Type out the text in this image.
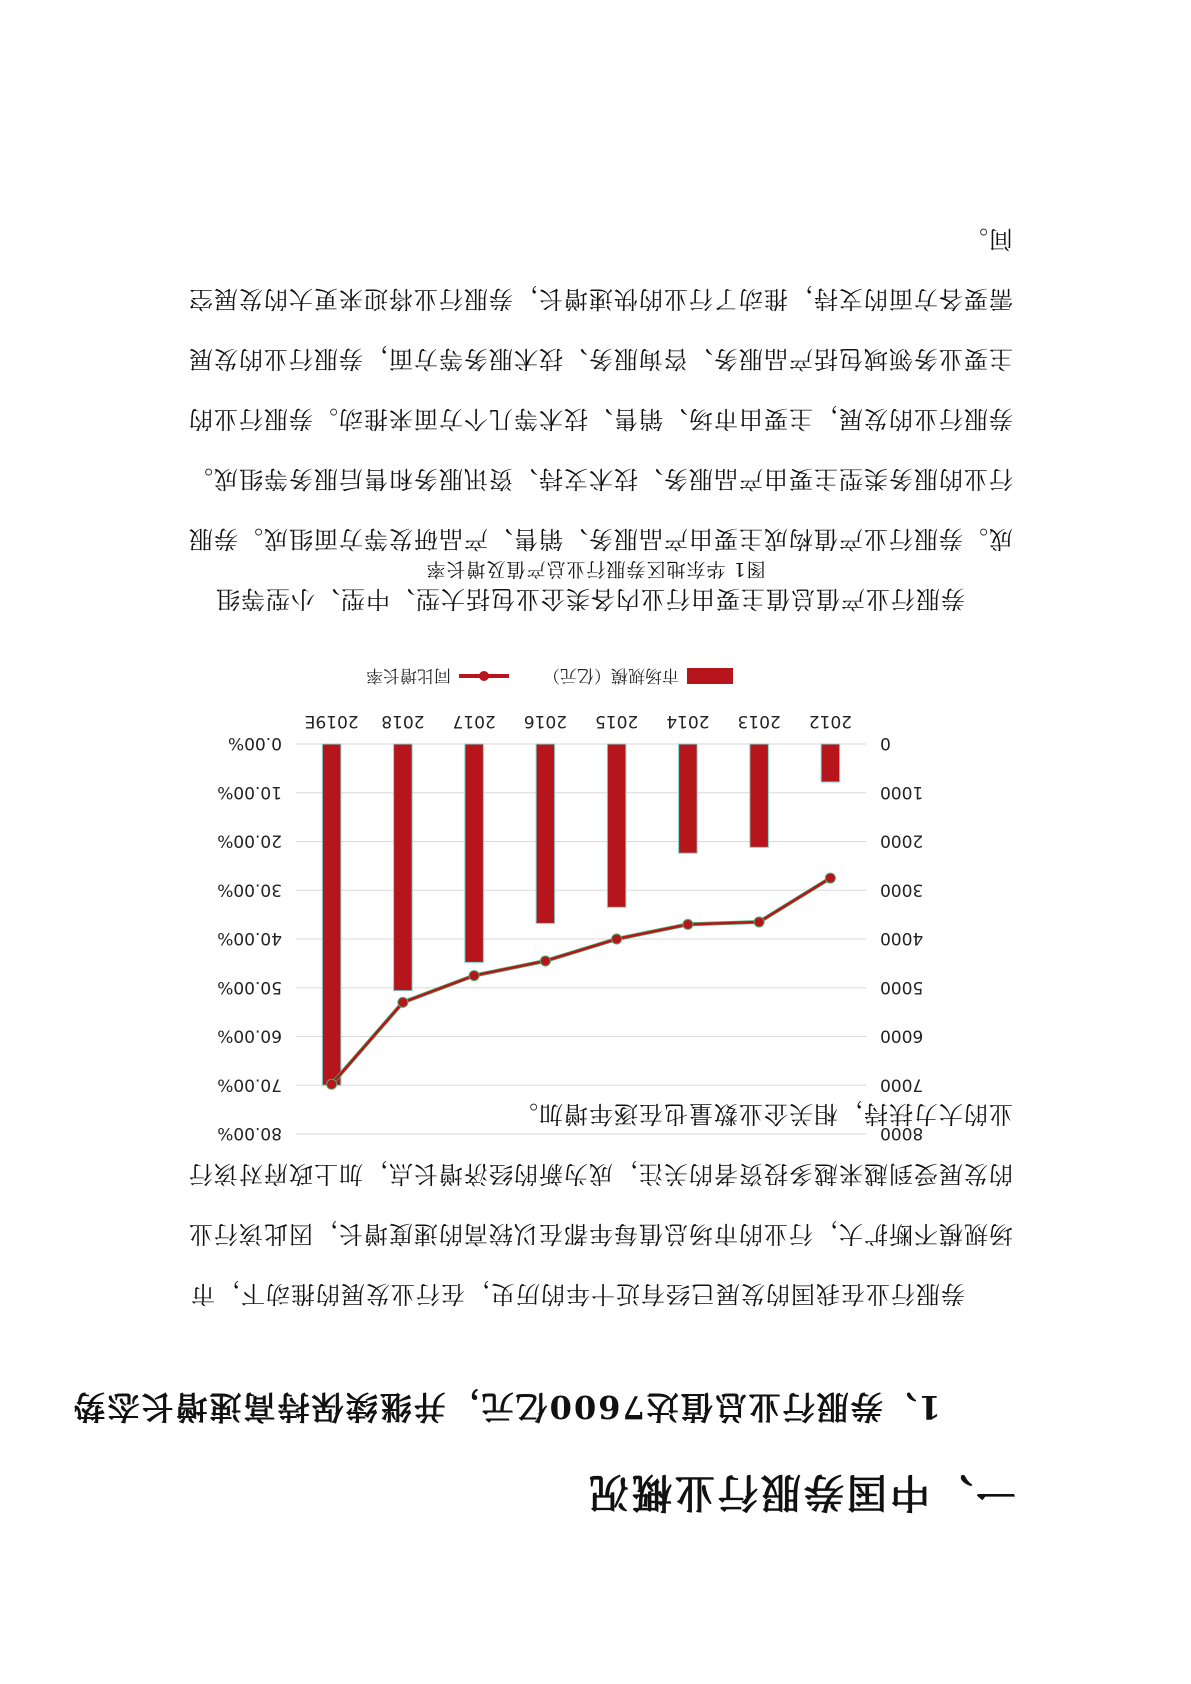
一、中国券服行业概况
1、券服行业总值达7600亿元，并继续保持高速增长态势
券服行业在我国的发展已经有近十年的历史，在行业发展的推动下，市场规模不断扩大，行业的市场总值每年都在以较高的速度增长，因此该行业的发展受到越来越多投资者的关注，成为新的经济增长点，加上政府对该行业的大力扶持，相关企业数量也在逐年增加。
0
1000
2000
3000
4000
5000
6000
7000
8000
0.00%
10.00%
20.00%
30.00%
40.00%
50.00%
60.00%
70.00%
80.00%
2012
2013
2014
2015
2016
2017
2018
2019E
市场规模（亿元）
同比增长率
图1 华东地区券服行业总产值及增长率
券服行业产值总值主要由行业内各类企业包括大型、中型、小型等组成。券服行业产值构成主要由产品服务、销售、产品研发等方面组成。券服行业的服务类型主要由产品服务、技术支持、资讯服务和售后服务等组成。券服行业的发展，主要由市场、销售、技术等几个方面来推动。券服行业的主要业务领域包括产品服务、咨询服务、技术服务等方面，券服行业的发展需要各方面的支持，推动了行业的快速增长，券服行业将迎来更大的发展空间。
